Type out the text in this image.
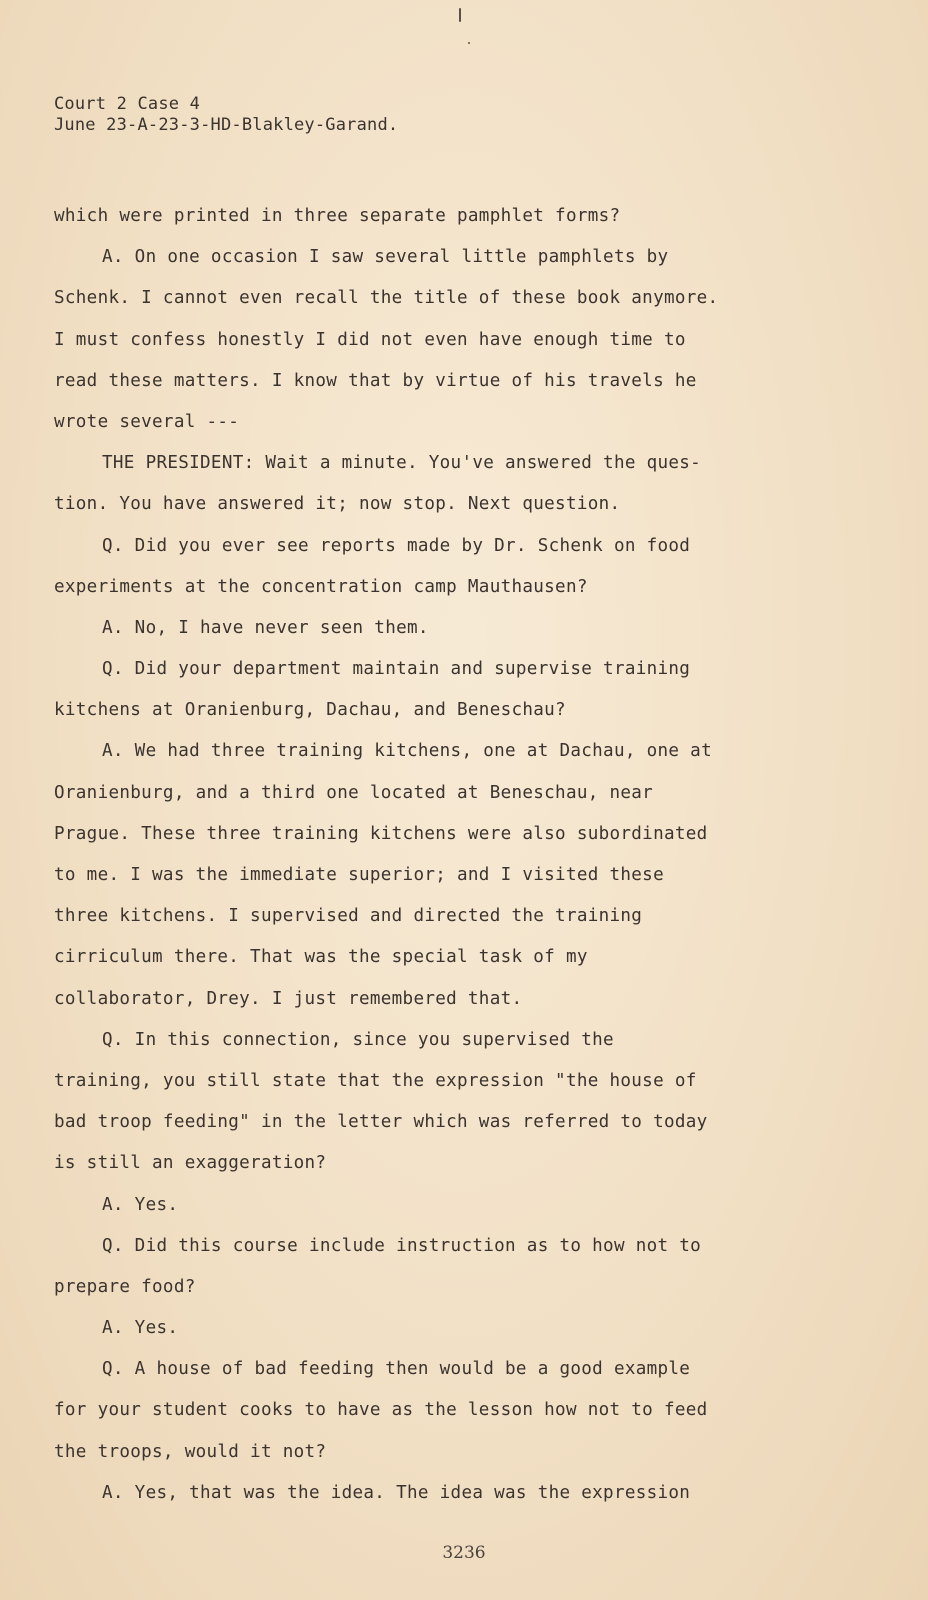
Court 2 Case 4
June 23-A-23-3-HD-Blakley-Garand.
which were printed in three separate pamphlet forms?
A. On one occasion I saw several little pamphlets by
Schenk. I cannot even recall the title of these book anymore.
I must confess honestly I did not even have enough time to
read these matters. I know that by virtue of his travels he
wrote several ---
THE PRESIDENT: Wait a minute. You've answered the ques-
tion. You have answered it; now stop. Next question.
Q. Did you ever see reports made by Dr. Schenk on food
experiments at the concentration camp Mauthausen?
A. No, I have never seen them.
Q. Did your department maintain and supervise training
kitchens at Oranienburg, Dachau, and Beneschau?
A. We had three training kitchens, one at Dachau, one at
Oranienburg, and a third one located at Beneschau, near
Prague. These three training kitchens were also subordinated
to me. I was the immediate superior; and I visited these
three kitchens. I supervised and directed the training
cirriculum there. That was the special task of my
collaborator, Drey. I just remembered that.
Q. In this connection, since you supervised the
training, you still state that the expression "the house of
bad troop feeding" in the letter which was referred to today
is still an exaggeration?
A. Yes.
Q. Did this course include instruction as to how not to
prepare food?
A. Yes.
Q. A house of bad feeding then would be a good example
for your student cooks to have as the lesson how not to feed
the troops, would it not?
A. Yes, that was the idea. The idea was the expression
3236
